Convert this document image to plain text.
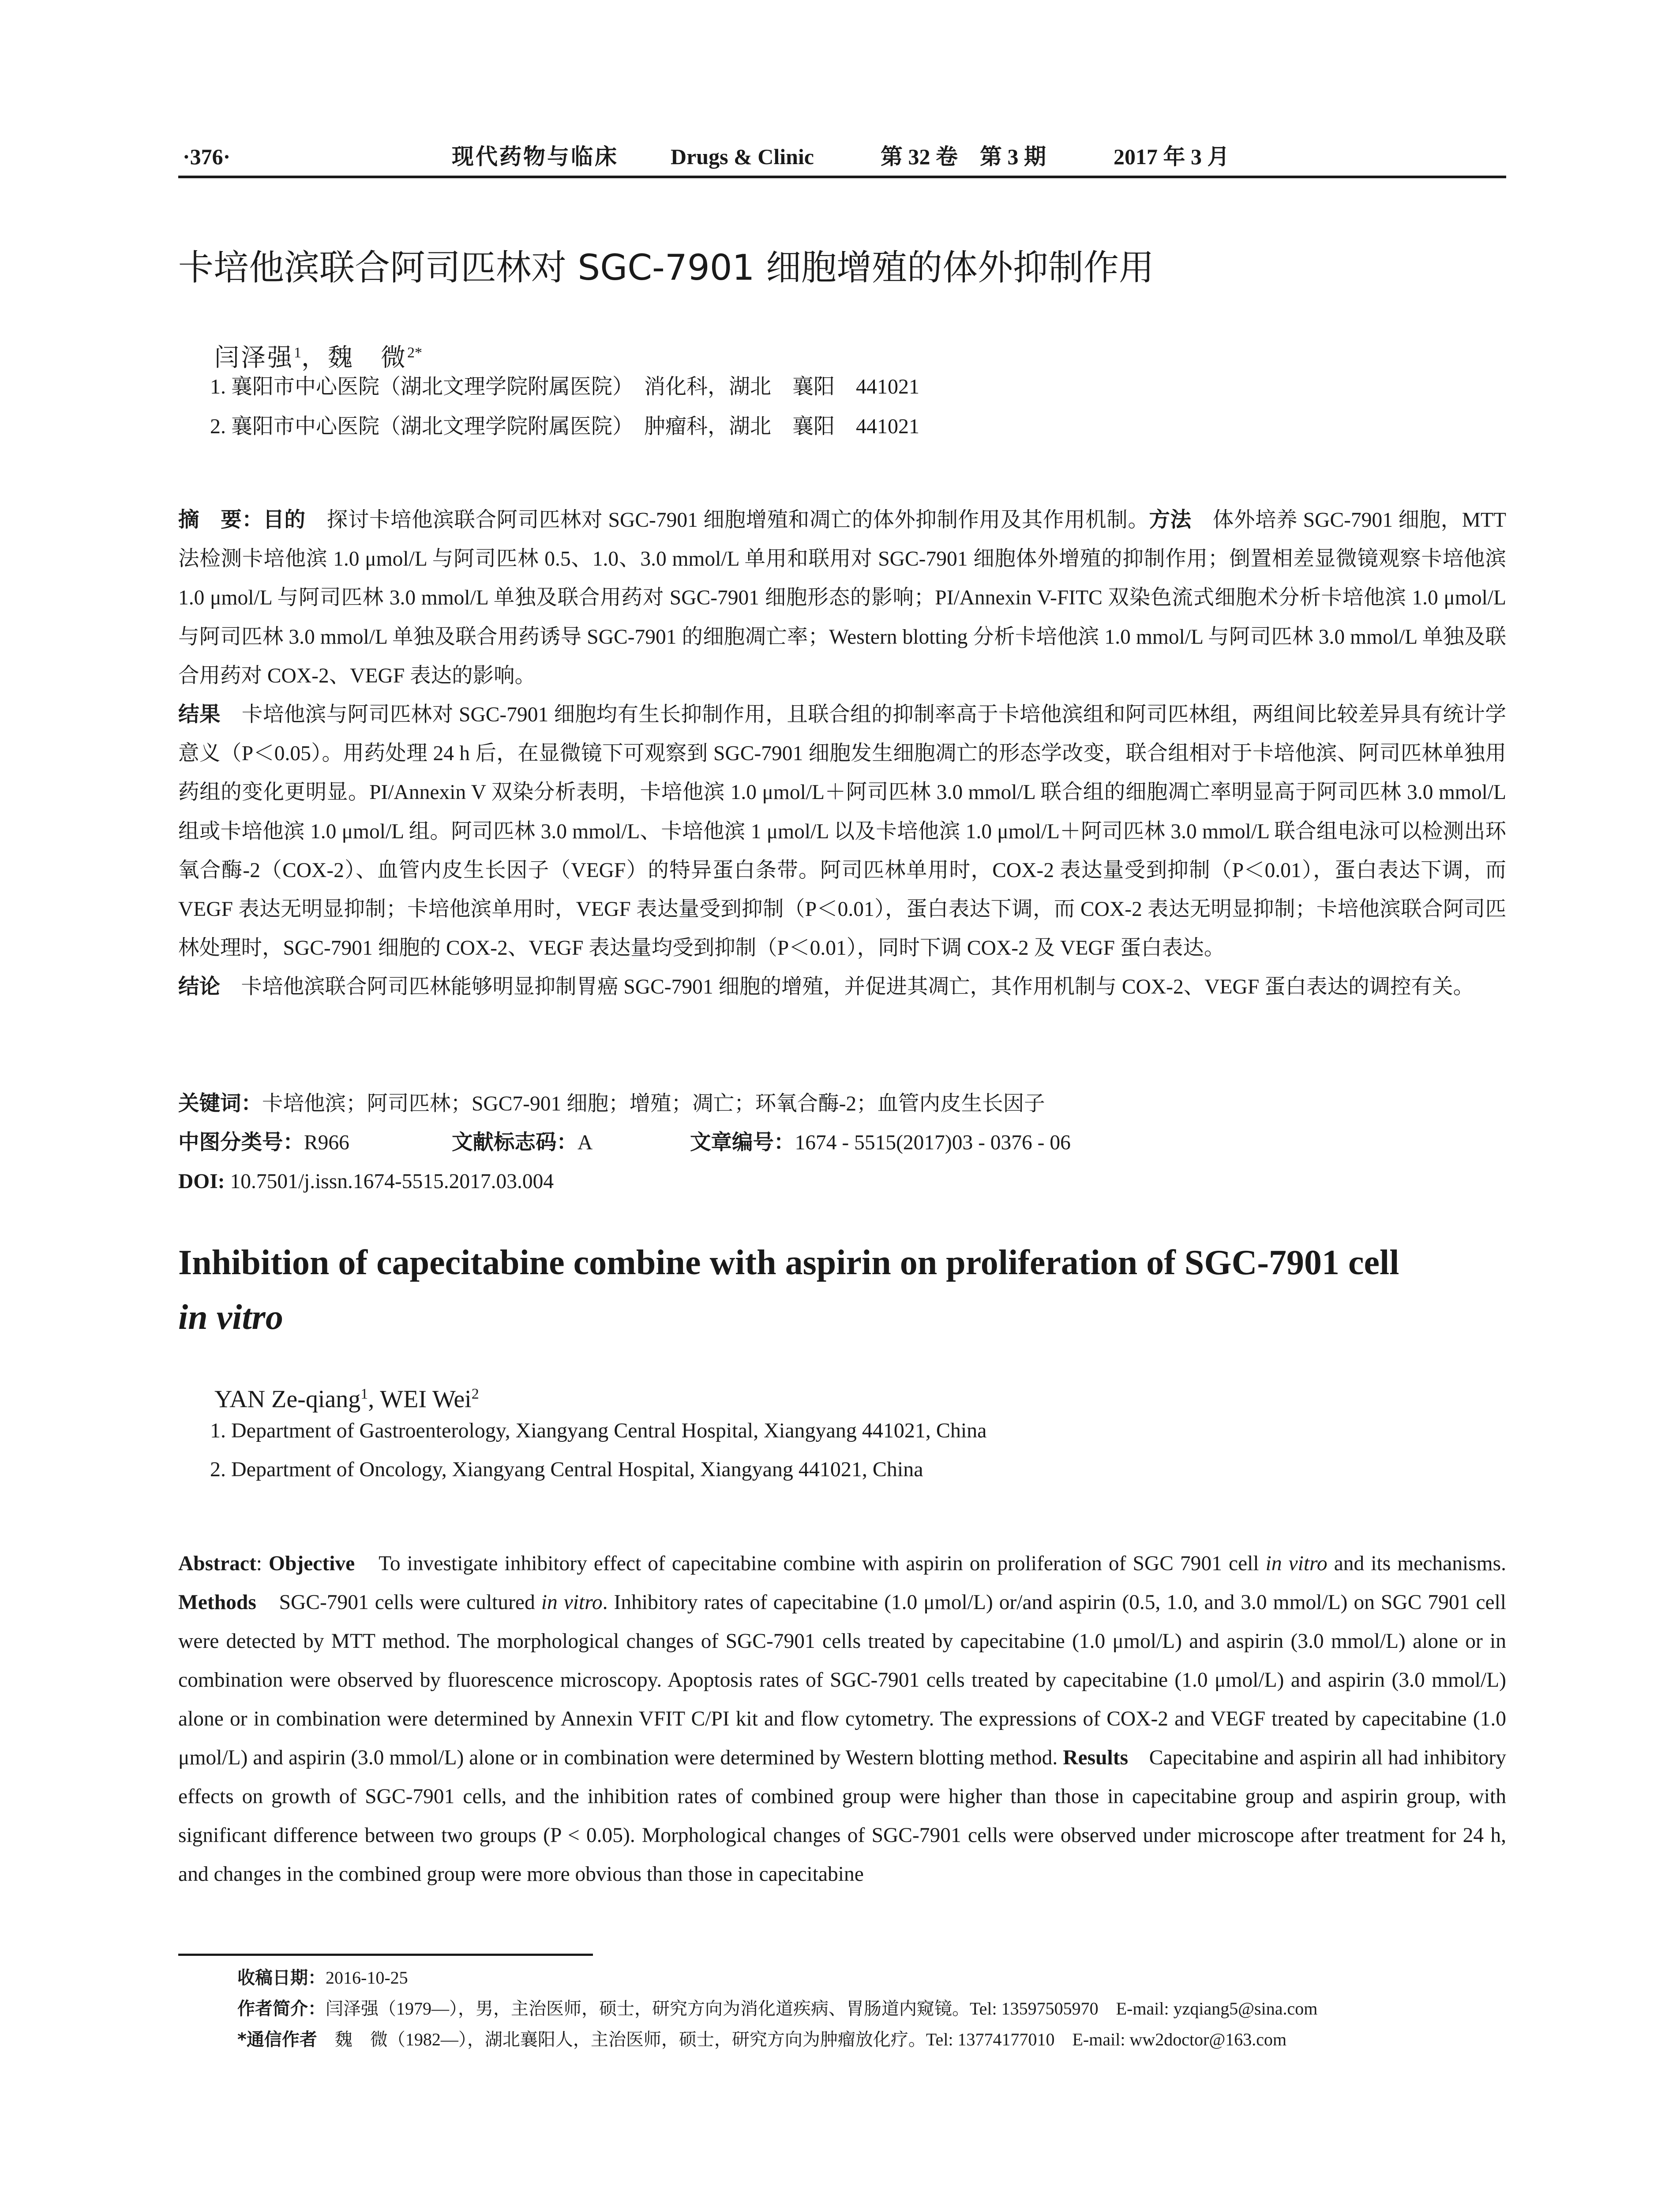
·376·	现代药物与临床 Drugs & Clinic	第 32 卷　第 3 期	2017 年 3 月
卡培他滨联合阿司匹林对 SGC-7901 细胞增殖的体外抑制作用
闫泽强$^1$，魏　微$^{2*}$
1. 襄阳市中心医院（湖北文理学院附属医院）　消化科，湖北　襄阳　441021
2. 襄阳市中心医院（湖北文理学院附属医院）　肿瘤科，湖北　襄阳　441021
摘　要：目的　探讨卡培他滨联合阿司匹林对 SGC-7901 细胞增殖和凋亡的体外抑制作用及其作用机制。方法　体外培养 SGC-7901 细胞，MTT 法检测卡培他滨 1.0 μmol/L 与阿司匹林 0.5、1.0、3.0 mmol/L 单用和联用对 SGC-7901 细胞体外增殖的抑制作用；倒置相差显微镜观察卡培他滨 1.0 μmol/L 与阿司匹林 3.0 mmol/L 单独及联合用药对 SGC-7901 细胞形态的影响；PI/Annexin V-FITC 双染色流式细胞术分析卡培他滨 1.0 μmol/L 与阿司匹林 3.0 mmol/L 单独及联合用药诱导 SGC-7901 的细胞凋亡率；Western blotting 分析卡培他滨 1.0 mmol/L 与阿司匹林 3.0 mmol/L 单独及联合用药对 COX-2、VEGF 表达的影响。
结果　卡培他滨与阿司匹林对 SGC-7901 细胞均有生长抑制作用，且联合组的抑制率高于卡培他滨组和阿司匹林组，两组间比较差异具有统计学意义（P＜0.05）。用药处理 24 h 后，在显微镜下可观察到 SGC-7901 细胞发生细胞凋亡的形态学改变，联合组相对于卡培他滨、阿司匹林单独用药组的变化更明显。PI/Annexin V 双染分析表明，卡培他滨 1.0 μmol/L＋阿司匹林 3.0 mmol/L 联合组的细胞凋亡率明显高于阿司匹林 3.0 mmol/L 组或卡培他滨 1.0 μmol/L 组。阿司匹林 3.0 mmol/L、卡培他滨 1 μmol/L 以及卡培他滨 1.0 μmol/L＋阿司匹林 3.0 mmol/L 联合组电泳可以检测出环氧合酶-2（COX-2）、血管内皮生长因子（VEGF）的特异蛋白条带。阿司匹林单用时，COX-2 表达量受到抑制（P＜0.01），蛋白表达下调，而 VEGF 表达无明显抑制；卡培他滨单用时，VEGF 表达量受到抑制（P＜0.01），蛋白表达下调，而 COX-2 表达无明显抑制；卡培他滨联合阿司匹林处理时，SGC-7901 细胞的 COX-2、VEGF 表达量均受到抑制（P＜0.01），同时下调 COX-2 及 VEGF 蛋白表达。
结论　卡培他滨联合阿司匹林能够明显抑制胃癌 SGC-7901 细胞的增殖，并促进其凋亡，其作用机制与 COX-2、VEGF 蛋白表达的调控有关。
关键词：卡培他滨；阿司匹林；SGC7-901 细胞；增殖；凋亡；环氧合酶-2；血管内皮生长因子
中图分类号：R966	文献标志码：A	文章编号：1674 - 5515(2017)03 - 0376 - 06
DOI: 10.7501/j.issn.1674-5515.2017.03.004
Inhibition of capecitabine combine with aspirin on proliferation of SGC-7901 cell
in vitro
YAN Ze-qiang$^1$, WEI Wei$^2$
1. Department of Gastroenterology, Xiangyang Central Hospital, Xiangyang 441021, China
2. Department of Oncology, Xiangyang Central Hospital, Xiangyang 441021, China
Abstract: Objective　To investigate inhibitory effect of capecitabine combine with aspirin on proliferation of SGC 7901 cell in vitro and its mechanisms. Methods　SGC-7901 cells were cultured in vitro. Inhibitory rates of capecitabine (1.0 μmol/L) or/and aspirin (0.5, 1.0, and 3.0 mmol/L) on SGC 7901 cell were detected by MTT method. The morphological changes of SGC-7901 cells treated by capecitabine (1.0 μmol/L) and aspirin (3.0 mmol/L) alone or in combination were observed by fluorescence microscopy. Apoptosis rates of SGC-7901 cells treated by capecitabine (1.0 μmol/L) and aspirin (3.0 mmol/L) alone or in combination were determined by Annexin VFIT C/PI kit and flow cytometry. The expressions of COX-2 and VEGF treated by capecitabine (1.0 μmol/L) and aspirin (3.0 mmol/L) alone or in combination were determined by Western blotting method. Results　Capecitabine and aspirin all had inhibitory effects on growth of SGC-7901 cells, and the inhibition rates of combined group were higher than those in capecitabine group and aspirin group, with significant difference between two groups (P < 0.05). Morphological changes of SGC-7901 cells were observed under microscope after treatment for 24 h, and changes in the combined group were more obvious than those in capecitabine
收稿日期：2016-10-25
作者简介：闫泽强（1979—），男，主治医师，硕士，研究方向为消化道疾病、胃肠道内窥镜。Tel: 13597505970　E-mail: yzqiang5@sina.com
*通信作者　魏　微（1982—），湖北襄阳人，主治医师，硕士，研究方向为肿瘤放化疗。Tel: 13774177010　E-mail: ww2doctor@163.com
